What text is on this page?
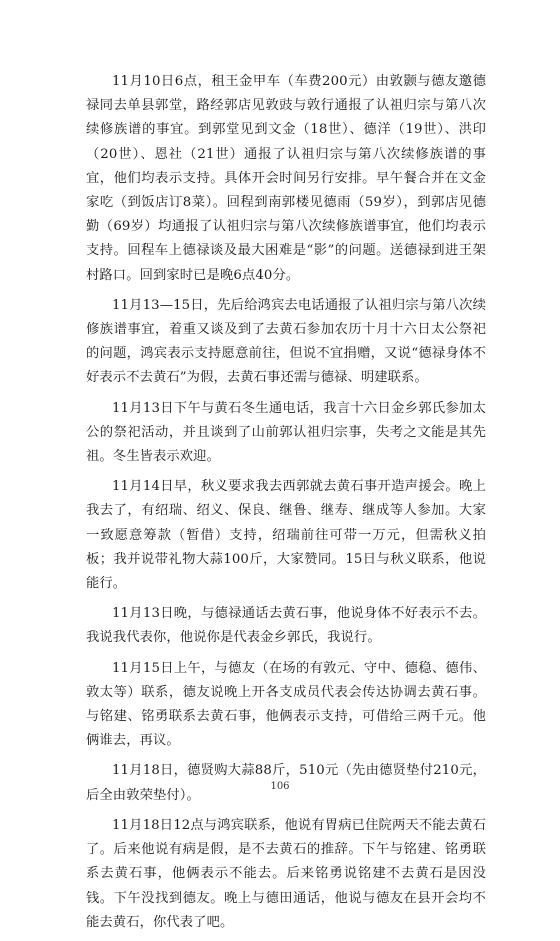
11月10日6点，租王金甲车（车费200元）由敦颢与德友邀德禄同去单县郭堂，路经郭店见敦豉与敦行通报了认祖归宗与第八次续修族谱的事宜。到郭堂见到文金（18世）、德洋（19世）、洪印（20世）、恩社（21世）通报了认祖归宗与第八次续修族谱的事宜，他们均表示支持。具体开会时间另行安排。早午餐合并在文金家吃（到饭店订8菜）。回程到南郭楼见德雨（59岁），到郭店见德勤（69岁）均通报了认祖归宗与第八次续修族谱事宜，他们均表示支持。回程车上德禄谈及最大困难是“影”的问题。送德禄到进王架村路口。回到家时已是晚6点40分。

11月13—15日，先后给鸿宾去电话通报了认祖归宗与第八次续修族谱事宜，着重又谈及到了去黄石参加农历十月十六日太公祭祀的问题，鸿宾表示支持愿意前往，但说不宜捐赠，又说“德禄身体不好表示不去黄石”为假，去黄石事还需与德禄、明建联系。

11月13日下午与黄石冬生通电话，我言十六日金乡郭氏参加太公的祭祀活动，并且谈到了山前郭认祖归宗事，失考之文能是其先祖。冬生皆表示欢迎。

11月14日早，秋义要求我去西郭就去黄石事开造声援会。晚上我去了，有绍瑞、绍义、保良、继鲁、继寿、继成等人参加。大家一致愿意筹款（暂借）支持，绍瑞前往可带一万元，但需秋义拍板；我并说带礼物大蒜100斤，大家赞同。15日与秋义联系，他说能行。

11月13日晚，与德禄通话去黄石事，他说身体不好表示不去。我说我代表你，他说你是代表金乡郭氏，我说行。

11月15日上午，与德友（在场的有敦元、守中、德稳、德伟、敦太等）联系，德友说晚上开各支成员代表会传达协调去黄石事。与铭建、铭勇联系去黄石事，他俩表示支持，可借给三两千元。他俩谁去，再议。

11月18日，德贤购大蒜88斤，510元（先由德贤垫付210元，后全由敦荣垫付）。

11月18日12点与鸿宾联系，他说有胃病已住院两天不能去黄石了。后来他说有病是假，是不去黄石的推辞。下午与铭建、铭勇联系去黄石事，他俩表示不能去。后来铭勇说铭建不去黄石是因没钱。下午没找到德友。晚上与德田通话，他说与德友在县开会均不能去黄石，你代表了吧。

106
